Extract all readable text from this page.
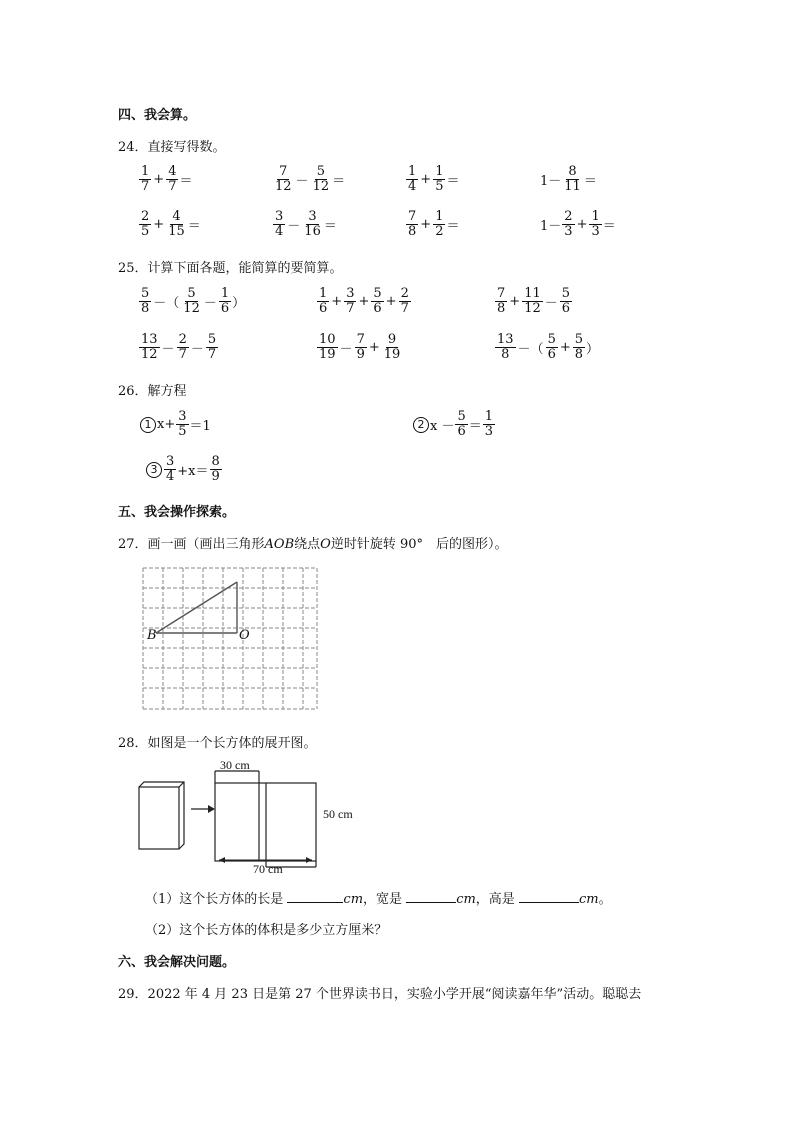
四、我会算。
24．直接写得数。
$\frac{1}{7} + \frac{4}{7}$ ＝	$\frac{7}{12} - \frac{5}{12}$ ＝	$\frac{1}{4} + \frac{1}{5}$ ＝	$1- \frac{8}{11}$ ＝
$\frac{2}{5} + \frac{4}{15}$ ＝	$\frac{3}{4} - \frac{3}{16}$ ＝	$\frac{7}{8} + \frac{1}{2}$ ＝	$1- \frac{2}{3} + \frac{1}{3}$ ＝
25．计算下面各题，能简算的要简算。
$\frac{5}{8}$ －（ $\frac{5}{12} - \frac{1}{6}$ ）	$\frac{1}{6} + \frac{3}{7} + \frac{5}{6} + \frac{2}{7}$	$\frac{7}{8} + \frac{11}{12} - \frac{5}{6}$
$\frac{13}{12} - \frac{2}{7} - \frac{5}{7}$	$\frac{10}{19} - \frac{7}{9} + \frac{9}{19}$	$\frac{13}{8}$ －（ $\frac{5}{6} + \frac{5}{8}$ ）
26．解方程
1 $x+ \frac{3}{5} =1$	2 $x - \frac{5}{6} = \frac{1}{3}$
$3 \frac{3}{4} +x= \frac{8}{9}$
五、我会操作探索。
27．画一画（画出三角形AOB绕点O逆时针旋转 90°　后的图形）。
B	O
28．如图是一个长方体的展开图。
30 cm
50 cm
70 cm
（1）这个长方体的长是	cm，宽是	cm，高是	cm。
（2）这个长方体的体积是多少立方厘米？
六、我会解决问题。
29．2022 年 4 月 23 日是第 27 个世界读书日，实验小学开展“阅读嘉年华”活动。聪聪去
